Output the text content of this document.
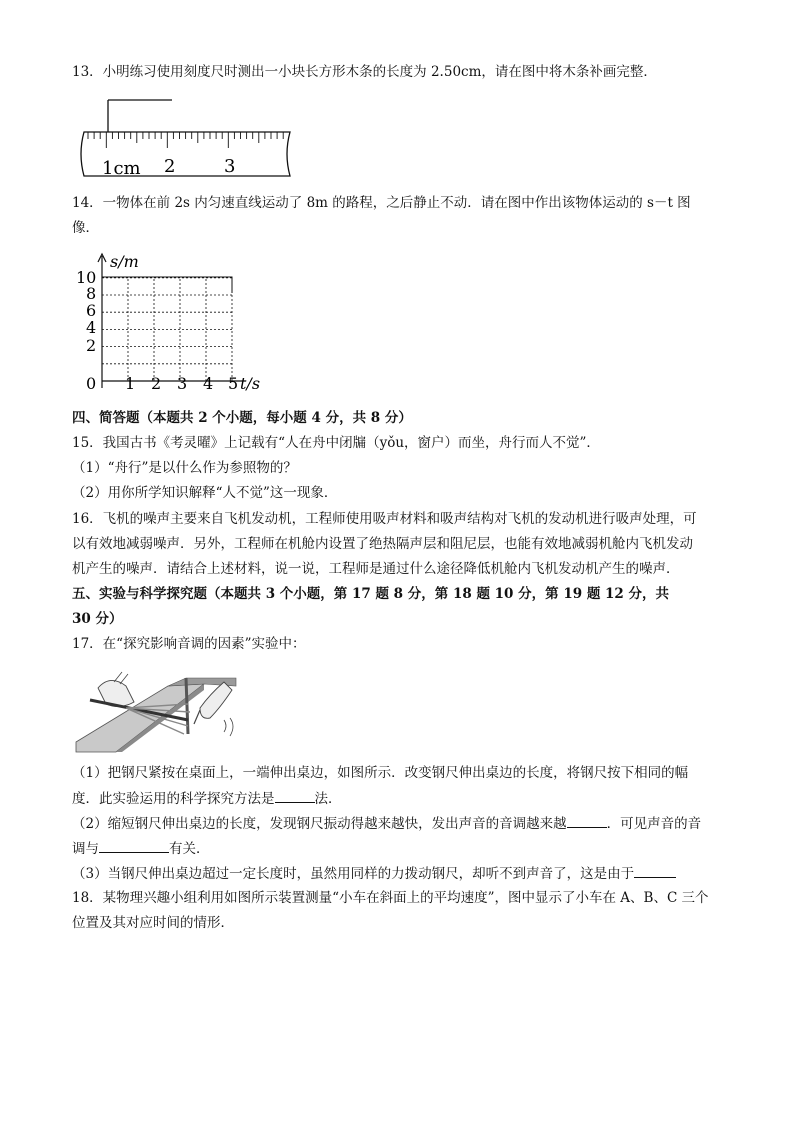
13．小明练习使用刻度尺时测出一小块长方形木条的长度为 2.50cm，请在图中将木条补画完整．
1cm 2	3
14．一物体在前 2s 内匀速直线运动了 8m 的路程，之后静止不动．请在图中作出该物体运动的 s－t 图
像．
s/m
t/s
0
10
8
6
4
2
1 2 3 4 5
四、简答题（本题共 2 个小题，每小题 4 分，共 8 分）
15．我国古书《考灵曜》上记载有“人在舟中闭牖（yǒu，窗户）而坐，舟行而人不觉”．
（1）“舟行”是以什么作为参照物的？
（2）用你所学知识解释“人不觉”这一现象．
16．飞机的噪声主要来自飞机发动机，工程师使用吸声材料和吸声结构对飞机的发动机进行吸声处理，可
以有效地减弱噪声．另外，工程师在机舱内设置了绝热隔声层和阻尼层，也能有效地减弱机舱内飞机发动
机产生的噪声．请结合上述材料，说一说，工程师是通过什么途径降低机舱内飞机发动机产生的噪声．
五、实验与科学探究题（本题共 3 个小题，第 17 题 8 分，第 18 题 10 分，第 19 题 12 分，共
30 分）
17．在“探究影响音调的因素”实验中：
（1）把钢尺紧按在桌面上，一端伸出桌边，如图所示．改变钢尺伸出桌边的长度，将钢尺按下相同的幅
度．此实验运用的科学探究方法是	法．
（2）缩短钢尺伸出桌边的长度，发现钢尺振动得越来越快，发出声音的音调越来越	．可见声音的音
调与	有关．
（3）当钢尺伸出桌边超过一定长度时，虽然用同样的力拨动钢尺，却听不到声音了，这是由于
18．某物理兴趣小组利用如图所示装置测量“小车在斜面上的平均速度”，图中显示了小车在 A、B、C 三个
位置及其对应时间的情形．
